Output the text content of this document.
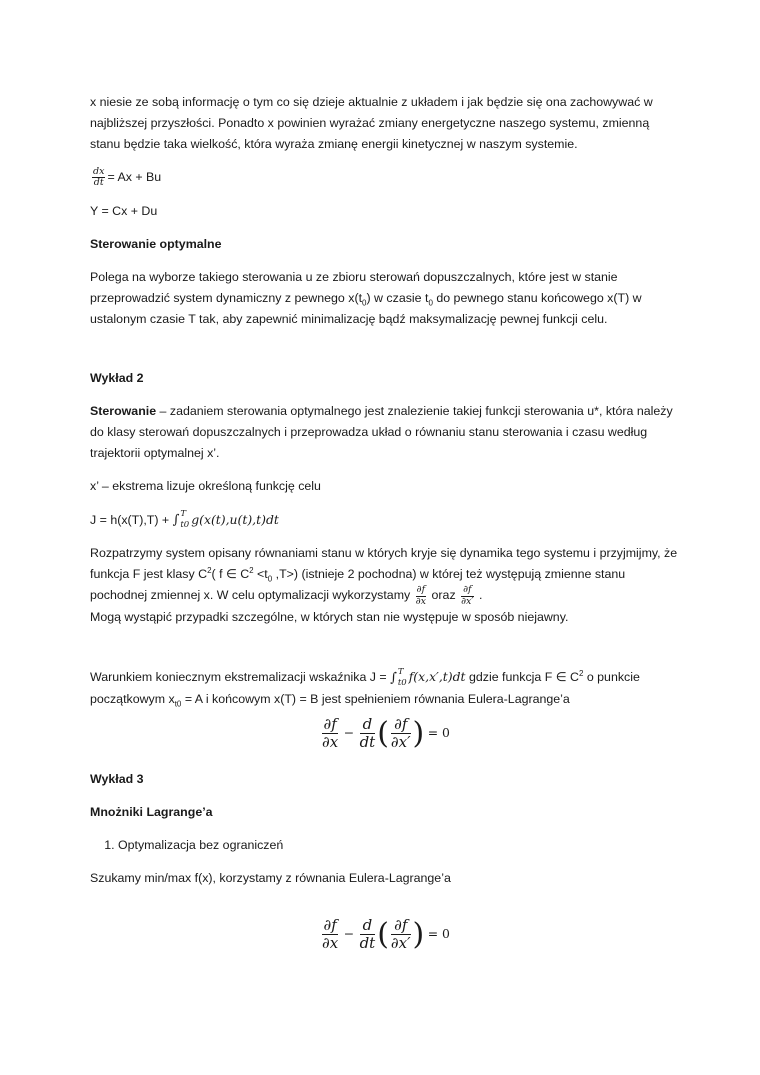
x niesie ze sobą informację o tym co się dzieje aktualnie z układem i jak będzie się ona zachowywać w najbliższej przyszłości. Ponadto x powinien wyrażać zmiany energetyczne naszego systemu, zmienną stanu będzie taka wielkość, która wyraża zmianę energii kinetycznej w naszym systemie.

$\frac{dx}{dt} = Ax + Bu$

Y = Cx + Du

Sterowanie optymalne

Polega na wyborze takiego sterowania u ze zbioru sterowań dopuszczalnych, które jest w stanie przeprowadzić system dynamiczny z pewnego $x(t_0)$ w czasie $t_0$ do pewnego stanu końcowego x(T) w ustalonym czasie T tak, aby zapewnić minimalizację bądź maksymalizację pewnej funkcji celu.

Wykład 2

Sterowanie – zadaniem sterowania optymalnego jest znalezienie takiej funkcji sterowania u*, która należy do klasy sterowań dopuszczalnych i przeprowadza układ o równaniu stanu sterowania i czasu według trajektorii optymalnej x’.

x’ – ekstrema lizuje określoną funkcję celu

J = h(x(T),T) + ∫ T
t0 g(x(t),u(t),t)dt

Rozpatrzymy system opisany równaniami stanu w których kryje się dynamika tego systemu i przyjmijmy, że funkcja F jest klasy $C^2$( f ∈ $C^2 <t_0$ ,T>) (istnieje 2 pochodna) w której też występują zmienne stanu pochodnej zmiennej x. W celu optymalizacji wykorzystamy $\frac{\partial f}{\partial x}$ oraz $\frac{\partial f}{\partial x'}$ .

Mogą wystąpić przypadki szczególne, w których stan nie występuje w sposób niejawny.

Warunkiem koniecznym ekstremalizacji wskaźnika J = ∫ T
t0 f(x,x′,t)dt gdzie funkcja F ∈ $C^2$ o punkcie początkowym $x_{t0} = A$ i końcowym x(T) = B jest spełnieniem równania Eulera-Lagrange’a

$\frac{\partial f}{\partial x} - \frac{d}{dt}$ ( $\frac{\partial f}{\partial x'}$ ) = 0

Wykład 3

Mnożniki Lagrange’a

1. Optymalizacja bez ograniczeń

Szukamy min/max f(x), korzystamy z równania Eulera-Lagrange’a

$\frac{\partial f}{\partial x} - \frac{d}{dt}$ ( $\frac{\partial f}{\partial x'}$ ) = 0
